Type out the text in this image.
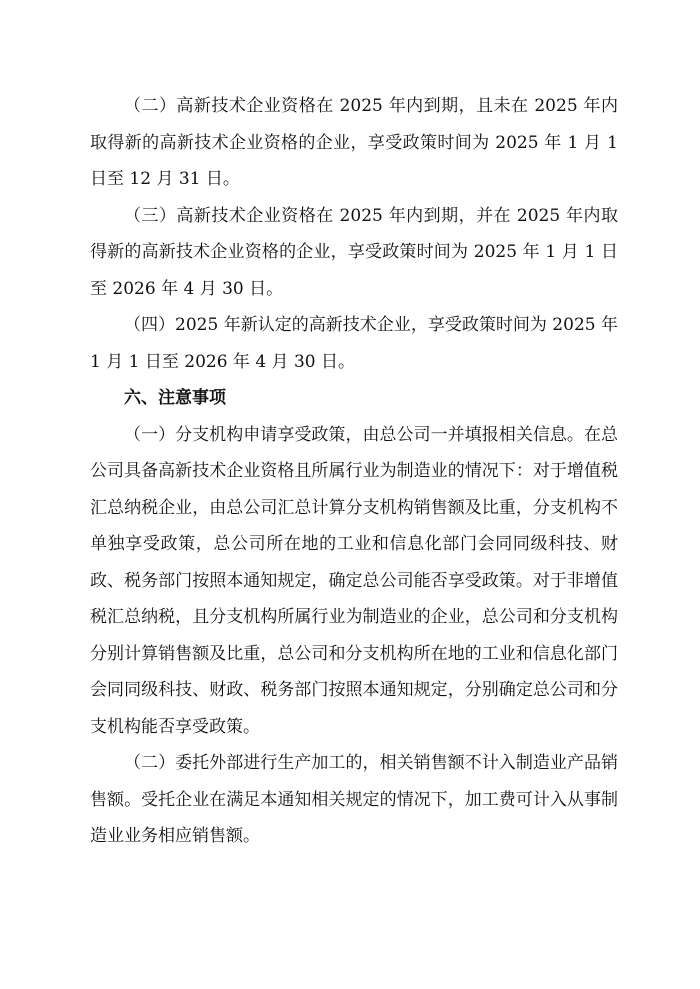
（二）高新技术企业资格在 2025 年内到期，且未在 2025 年内取得新的高新技术企业资格的企业，享受政策时间为 2025 年 1 月 1 日至 12 月 31 日。

（三）高新技术企业资格在 2025 年内到期，并在 2025 年内取得新的高新技术企业资格的企业，享受政策时间为 2025 年 1 月 1 日至 2026 年 4 月 30 日。

（四）2025 年新认定的高新技术企业，享受政策时间为 2025 年 1 月 1 日至 2026 年 4 月 30 日。

六、注意事项

（一）分支机构申请享受政策，由总公司一并填报相关信息。在总公司具备高新技术企业资格且所属行业为制造业的情况下：对于增值税汇总纳税企业，由总公司汇总计算分支机构销售额及比重，分支机构不单独享受政策，总公司所在地的工业和信息化部门会同同级科技、财政、税务部门按照本通知规定，确定总公司能否享受政策。对于非增值税汇总纳税，且分支机构所属行业为制造业的企业，总公司和分支机构分别计算销售额及比重，总公司和分支机构所在地的工业和信息化部门会同同级科技、财政、税务部门按照本通知规定，分别确定总公司和分支机构能否享受政策。

（二）委托外部进行生产加工的，相关销售额不计入制造业产品销售额。受托企业在满足本通知相关规定的情况下，加工费可计入从事制造业业务相应销售额。
